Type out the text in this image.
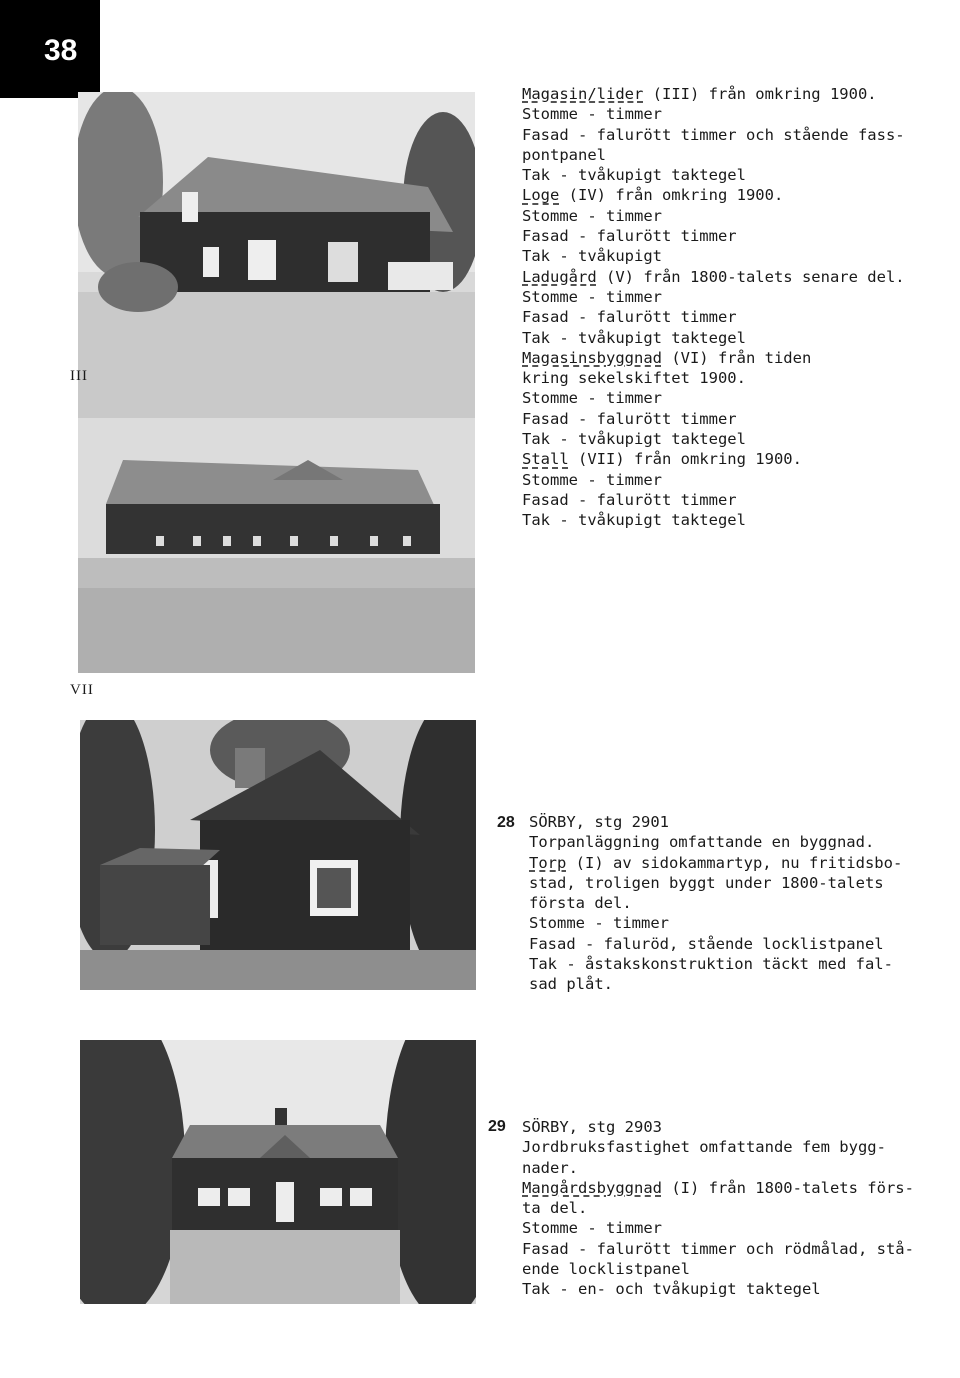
38
III
VII
Magasin/lider (III) från omkring 1900.
Stomme - timmer
Fasad - falurött timmer och stående fass-
pontpanel
Tak - tvåkupigt taktegel
Loge (IV) från omkring 1900.
Stomme - timmer
Fasad - falurött timmer
Tak - tvåkupigt
Ladugård (V) från 1800-talets senare del.
Stomme - timmer
Fasad - falurött timmer
Tak - tvåkupigt taktegel
Magasinsbyggnad (VI) från tiden
kring sekelskiftet 1900.
Stomme - timmer
Fasad - falurött timmer
Tak - tvåkupigt taktegel
Stall (VII) från omkring 1900.
Stomme - timmer
Fasad - falurött timmer
Tak - tvåkupigt taktegel
28 SÖRBY, stg 2901
Torpanläggning omfattande en byggnad.
Torp (I) av sidokammartyp, nu fritidsbo-
stad, troligen byggt under 1800-talets
första del.
Stomme - timmer
Fasad - faluröd, stående locklistpanel
Tak - åstakskonstruktion täckt med fal-
sad plåt.
29 SÖRBY, stg 2903
Jordbruksfastighet omfattande fem bygg-
nader.
Mangårdsbyggnad (I) från 1800-talets förs-
ta del.
Stomme - timmer
Fasad - falurött timmer och rödmålad, stå-
ende locklistpanel
Tak - en- och tvåkupigt taktegel
